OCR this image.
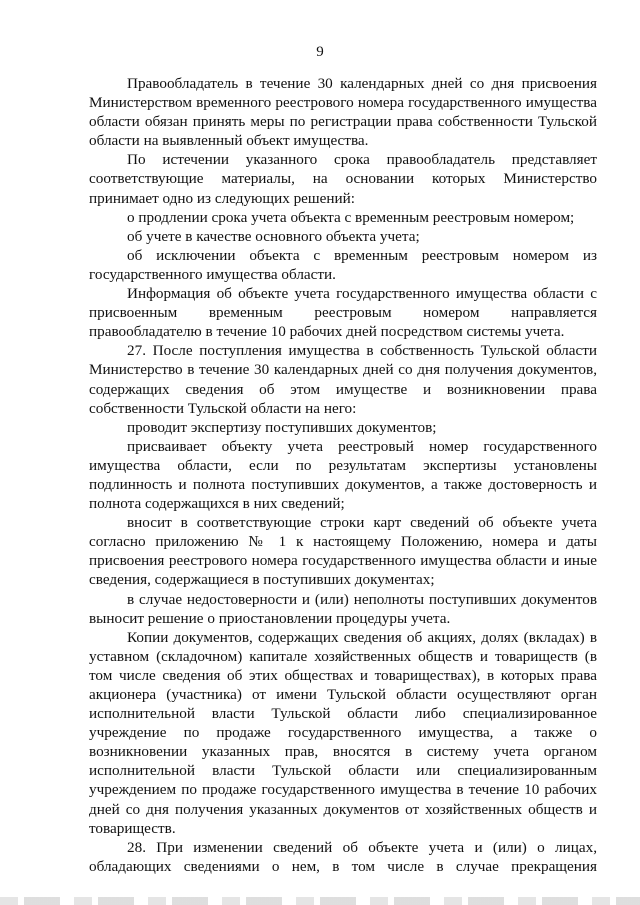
9

Правообладатель в течение 30 календарных дней со дня присвоения Министерством временного реестрового номера государственного имущества области обязан принять меры по регистрации права собственности Тульской области на выявленный объект имущества.

По истечении указанного срока правообладатель представляет соответствующие материалы, на основании которых Министерство принимает одно из следующих решений:

о продлении срока учета объекта с временным реестровым номером;

об учете в качестве основного объекта учета;

об исключении объекта с временным реестровым номером из государственного имущества области.

Информация об объекте учета государственного имущества области с присвоенным временным реестровым номером направляется правообладателю в течение 10 рабочих дней посредством системы учета.

27. После поступления имущества в собственность Тульской области Министерство в течение 30 календарных дней со дня получения документов, содержащих сведения об этом имуществе и возникновении права собственности Тульской области на него:

проводит экспертизу поступивших документов;

присваивает объекту учета реестровый номер государственного имущества области, если по результатам экспертизы установлены подлинность и полнота поступивших документов, а также достоверность и полнота содержащихся в них сведений;

вносит в соответствующие строки карт сведений об объекте учета согласно приложению № 1 к настоящему Положению, номера и даты присвоения реестрового номера государственного имущества области и иные сведения, содержащиеся в поступивших документах;

в случае недостоверности и (или) неполноты поступивших документов выносит решение о приостановлении процедуры учета.

Копии документов, содержащих сведения об акциях, долях (вкладах) в уставном (складочном) капитале хозяйственных обществ и товариществ (в том числе сведения об этих обществах и товариществах), в которых права акционера (участника) от имени Тульской области осуществляют орган исполнительной власти Тульской области либо специализированное учреждение по продаже государственного имущества, а также о возникновении указанных прав, вносятся в систему учета органом исполнительной власти Тульской области или специализированным учреждением по продаже государственного имущества в течение 10 рабочих дней со дня получения указанных документов от хозяйственных обществ и товариществ.

28. При изменении сведений об объекте учета и (или) о лицах, обладающих сведениями о нем, в том числе в случае прекращения
